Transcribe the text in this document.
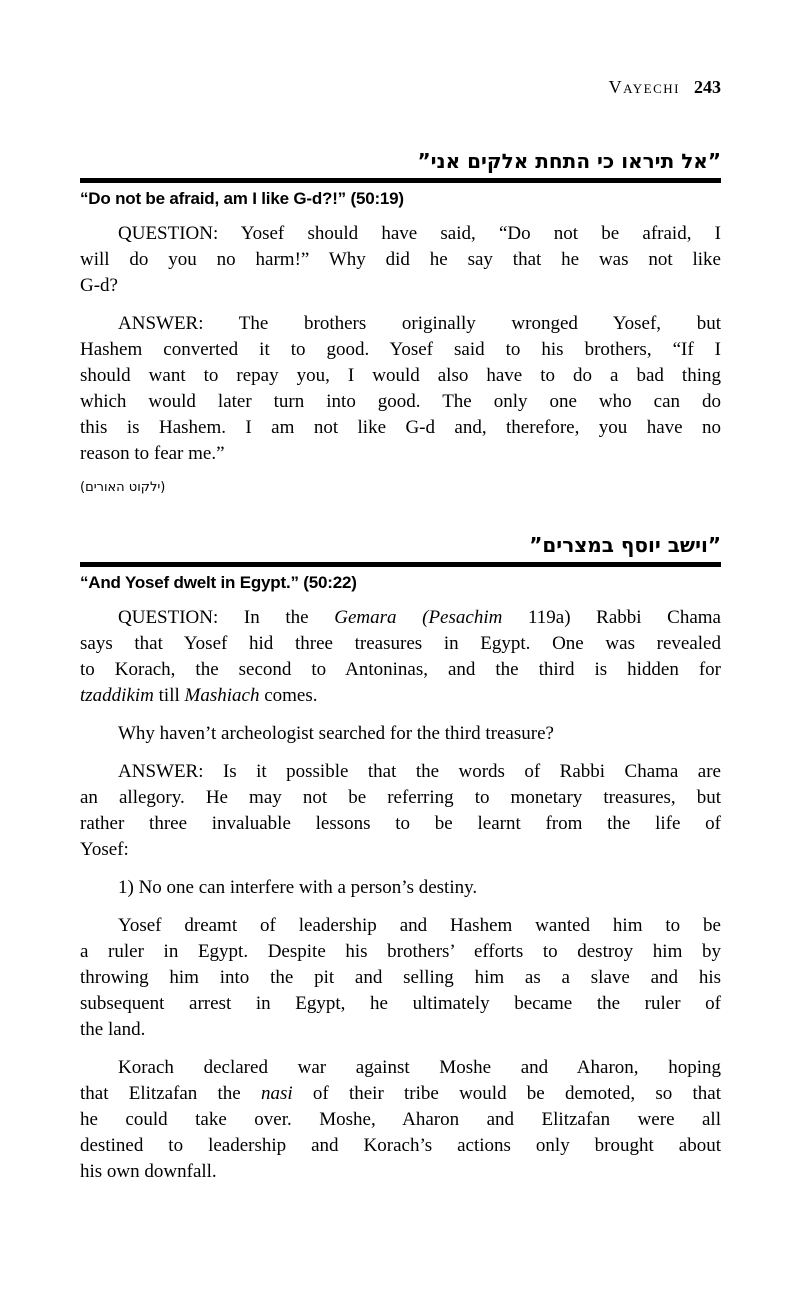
Vayechi 243
”אל תיראו כי התחת אלקים אני”
“Do not be afraid, am I like G-d?!” (50:19)
QUESTION: Yosef should have said, “Do not be afraid, I
will do you no harm!” Why did he say that he was not like
G-d?
ANSWER: The brothers originally wronged Yosef, but
Hashem converted it to good. Yosef said to his brothers, “If I
should want to repay you, I would also have to do a bad thing
which would later turn into good. The only one who can do
this is Hashem. I am not like G-d and, therefore, you have no
reason to fear me.”
(ילקוט האורים)
”וישב יוסף במצרים”
“And Yosef dwelt in Egypt.” (50:22)
QUESTION: In the Gemara (Pesachim 119a) Rabbi Chama
says that Yosef hid three treasures in Egypt. One was revealed
to Korach, the second to Antoninas, and the third is hidden for
tzaddikim till Mashiach comes.
Why haven’t archeologist searched for the third treasure?
ANSWER: Is it possible that the words of Rabbi Chama are
an allegory. He may not be referring to monetary treasures, but
rather three invaluable lessons to be learnt from the life of
Yosef:
1) No one can interfere with a person’s destiny.
Yosef dreamt of leadership and Hashem wanted him to be
a ruler in Egypt. Despite his brothers’ efforts to destroy him by
throwing him into the pit and selling him as a slave and his
subsequent arrest in Egypt, he ultimately became the ruler of
the land.
Korach declared war against Moshe and Aharon, hoping
that Elitzafan the nasi of their tribe would be demoted, so that
he could take over. Moshe, Aharon and Elitzafan were all
destined to leadership and Korach’s actions only brought about
his own downfall.
